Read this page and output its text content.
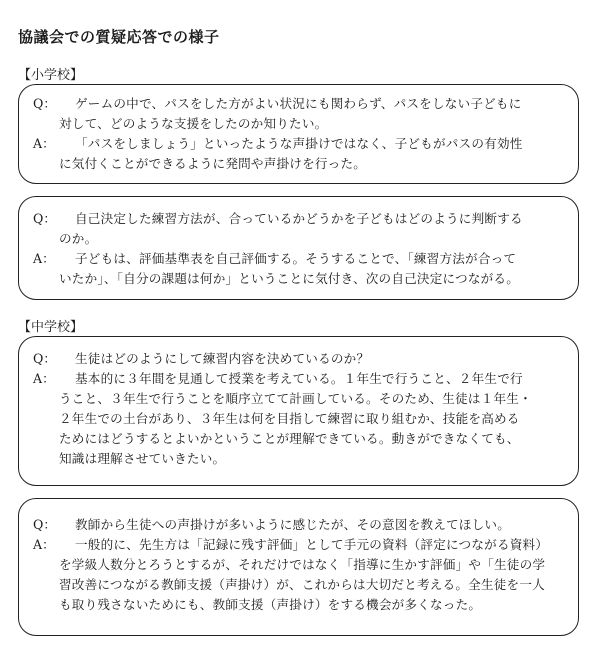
協議会での質疑応答での様子
【小学校】
Q： ゲームの中で、パスをした方がよい状況にも関わらず、パスをしない子どもに
対して、どのような支援をしたのか知りたい。
A： 「パスをしましょう」といったような声掛けではなく、子どもがパスの有効性
に気付くことができるように発問や声掛けを行った。
Q： 自己決定した練習方法が、合っているかどうかを子どもはどのように判断する
のか。
A： 子どもは、評価基準表を自己評価する。そうすることで、「練習方法が合って
いたか」、「自分の課題は何か」ということに気付き、次の自己決定につながる。
【中学校】
Q： 生徒はどのようにして練習内容を決めているのか？
A： 基本的に３年間を見通して授業を考えている。１年生で行うこと、２年生で行
うこと、３年生で行うことを順序立てて計画している。そのため、生徒は１年生・
２年生での土台があり、３年生は何を目指して練習に取り組むか、技能を高める
ためにはどうするとよいかということが理解できている。動きができなくても、
知識は理解させていきたい。
Q： 教師から生徒への声掛けが多いように感じたが、その意図を教えてほしい。
A： 一般的に、先生方は「記録に残す評価」として手元の資料（評定につながる資料）
を学級人数分とろうとするが、それだけではなく「指導に生かす評価」や「生徒の学
習改善につながる教師支援（声掛け）が、これからは大切だと考える。全生徒を一人
も取り残さないためにも、教師支援（声掛け）をする機会が多くなった。
